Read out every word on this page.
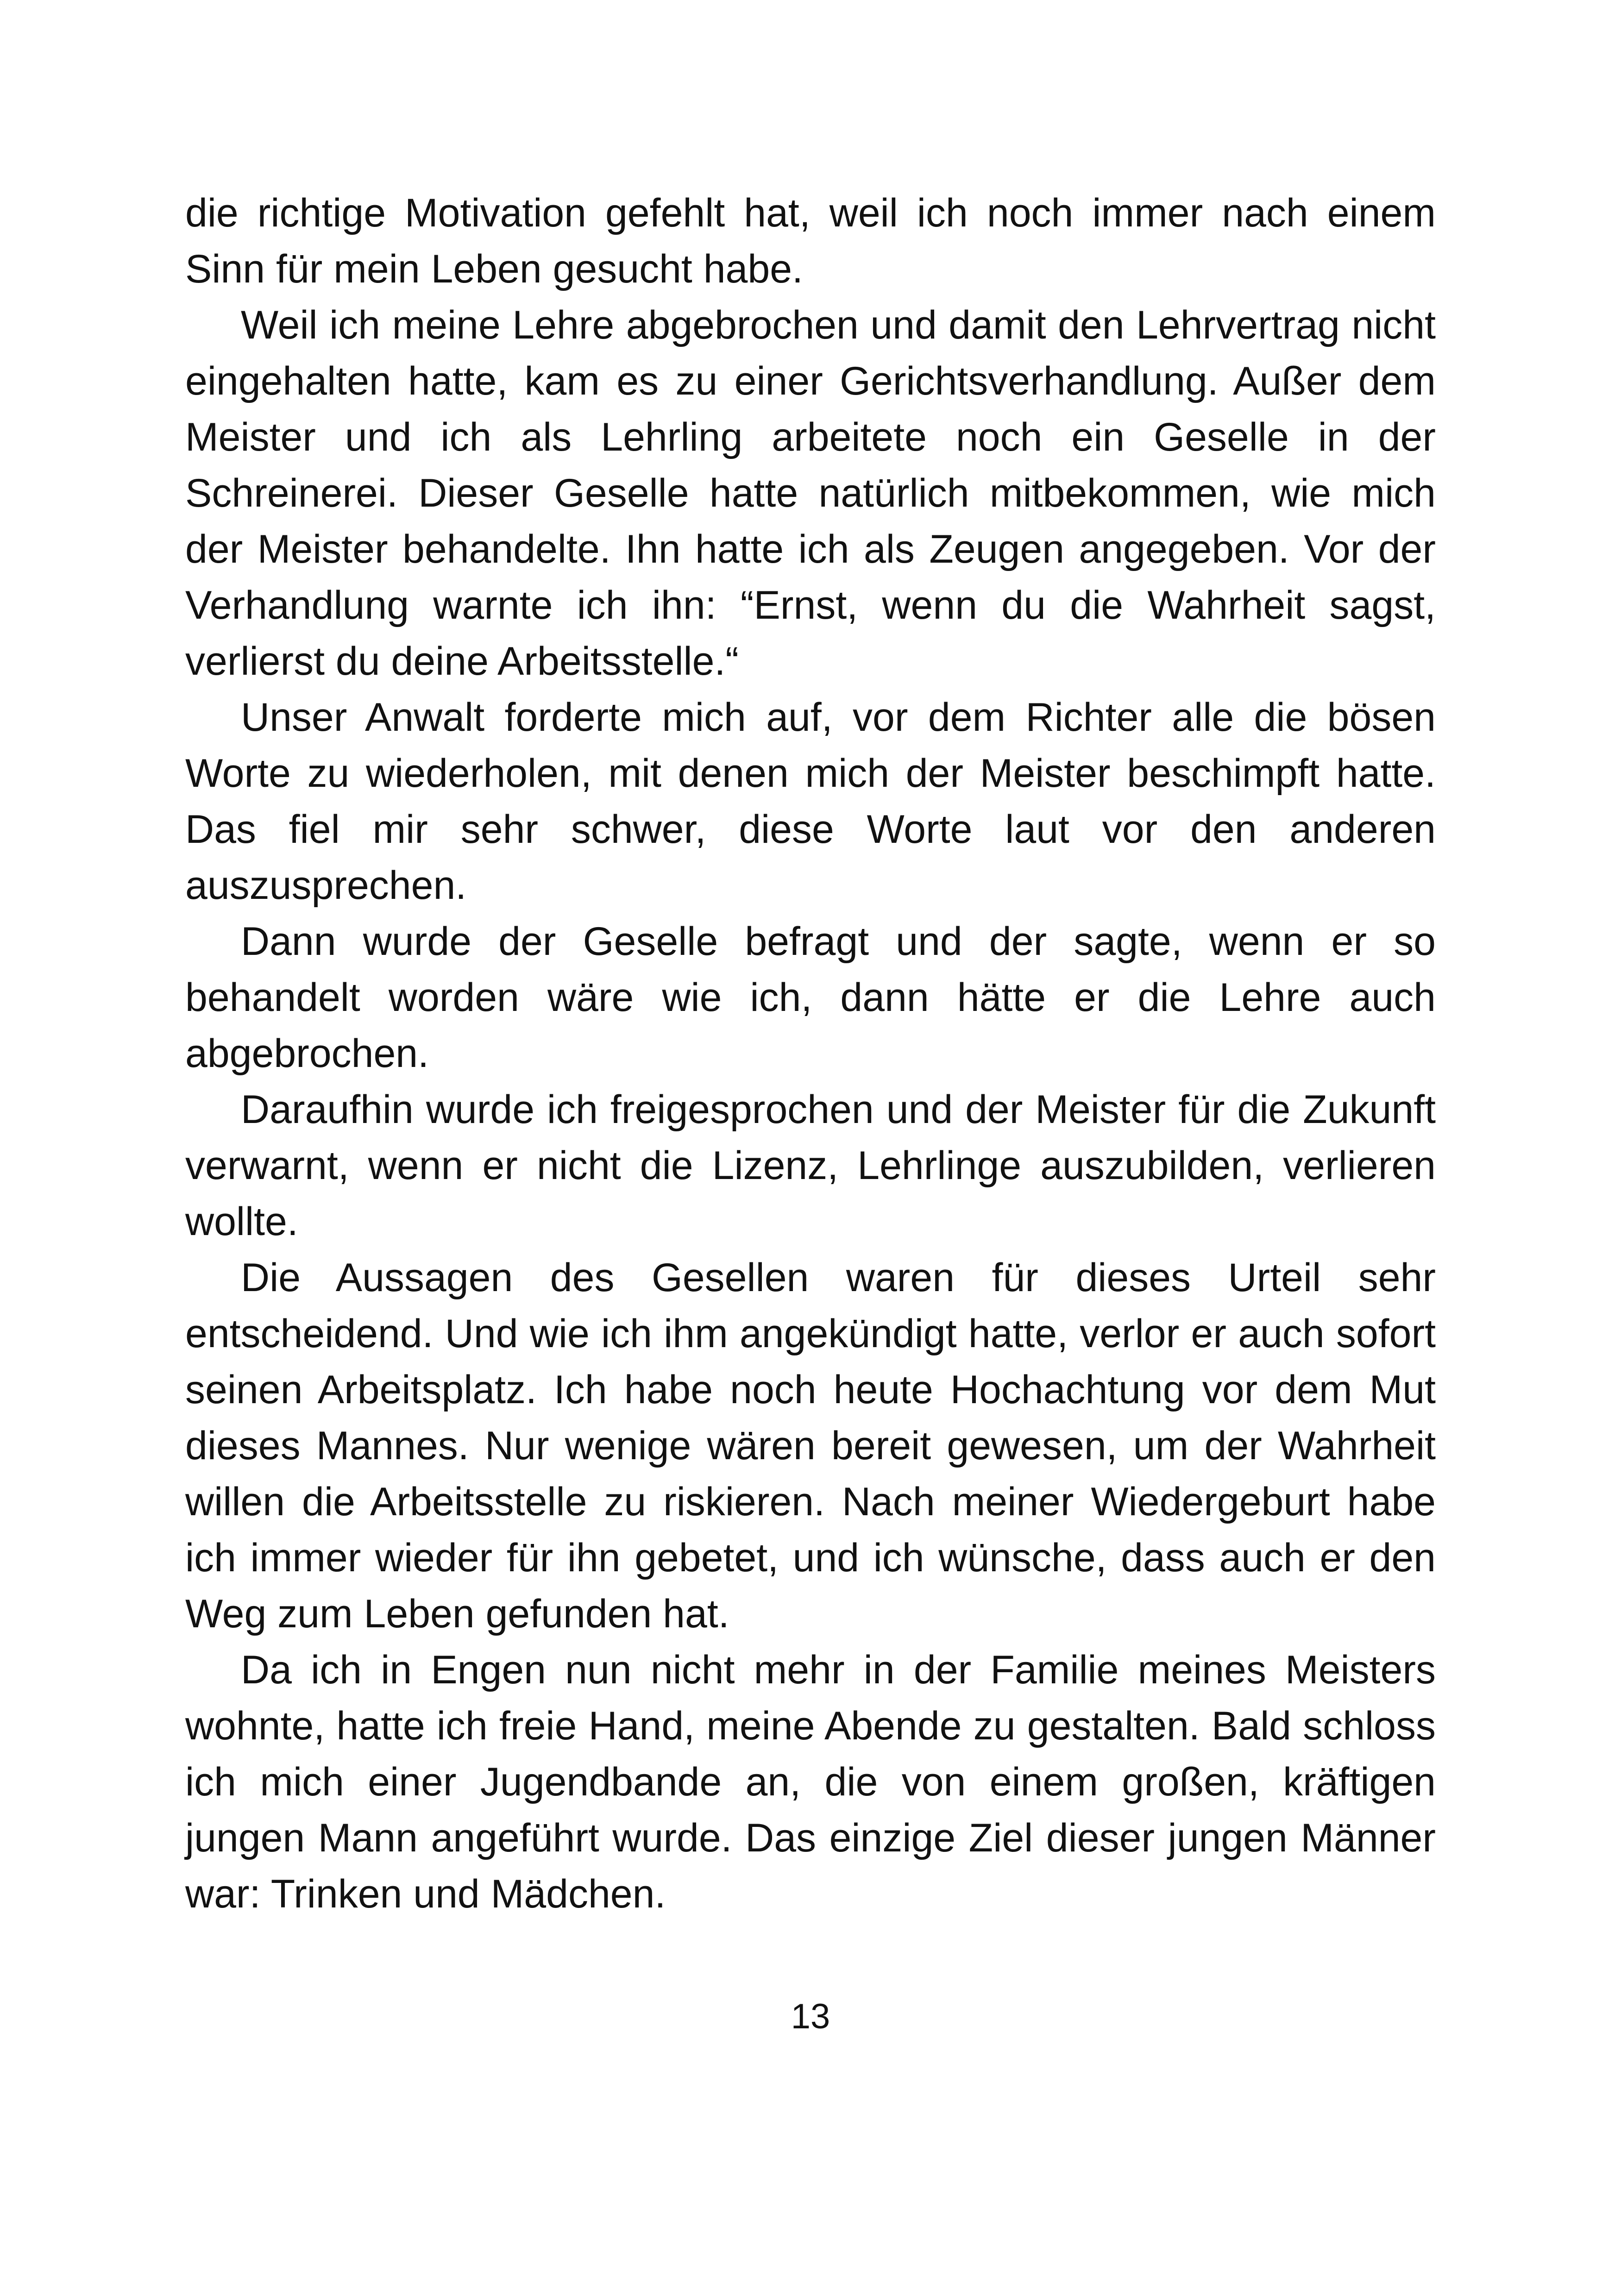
die richtige Motivation gefehlt hat, weil ich noch immer nach einem Sinn für mein Leben gesucht habe.

Weil ich meine Lehre abgebrochen und damit den Lehrvertrag nicht eingehalten hatte, kam es zu einer Gerichtsverhandlung. Außer dem Meister und ich als Lehrling arbeitete noch ein Geselle in der Schreinerei. Dieser Geselle hatte natürlich mitbekommen, wie mich der Meister behandelte. Ihn hatte ich als Zeugen angegeben. Vor der Verhandlung warnte ich ihn: “Ernst, wenn du die Wahrheit sagst, verlierst du deine Arbeitsstelle.“

Unser Anwalt forderte mich auf, vor dem Richter alle die bösen Worte zu wiederholen, mit denen mich der Meister beschimpft hatte. Das fiel mir sehr schwer, diese Worte laut vor den anderen auszusprechen.

Dann wurde der Geselle befragt und der sagte, wenn er so behandelt worden wäre wie ich, dann hätte er die Lehre auch abgebrochen.

Daraufhin wurde ich freigesprochen und der Meister für die Zukunft verwarnt, wenn er nicht die Lizenz, Lehrlinge auszubilden, verlieren wollte.

Die Aussagen des Gesellen waren für dieses Urteil sehr entscheidend. Und wie ich ihm angekündigt hatte, verlor er auch sofort seinen Arbeitsplatz. Ich habe noch heute Hochachtung vor dem Mut dieses Mannes. Nur wenige wären bereit gewesen, um der Wahrheit willen die Arbeitsstelle zu riskieren. Nach meiner Wiedergeburt habe ich immer wieder für ihn gebetet, und ich wünsche, dass auch er den Weg zum Leben gefunden hat.

Da ich in Engen nun nicht mehr in der Familie meines Meisters wohnte, hatte ich freie Hand, meine Abende zu gestalten. Bald schloss ich mich einer Jugendbande an, die von einem großen, kräftigen jungen Mann angeführt wurde. Das einzige Ziel dieser jungen Männer war: Trinken und Mädchen.

13
